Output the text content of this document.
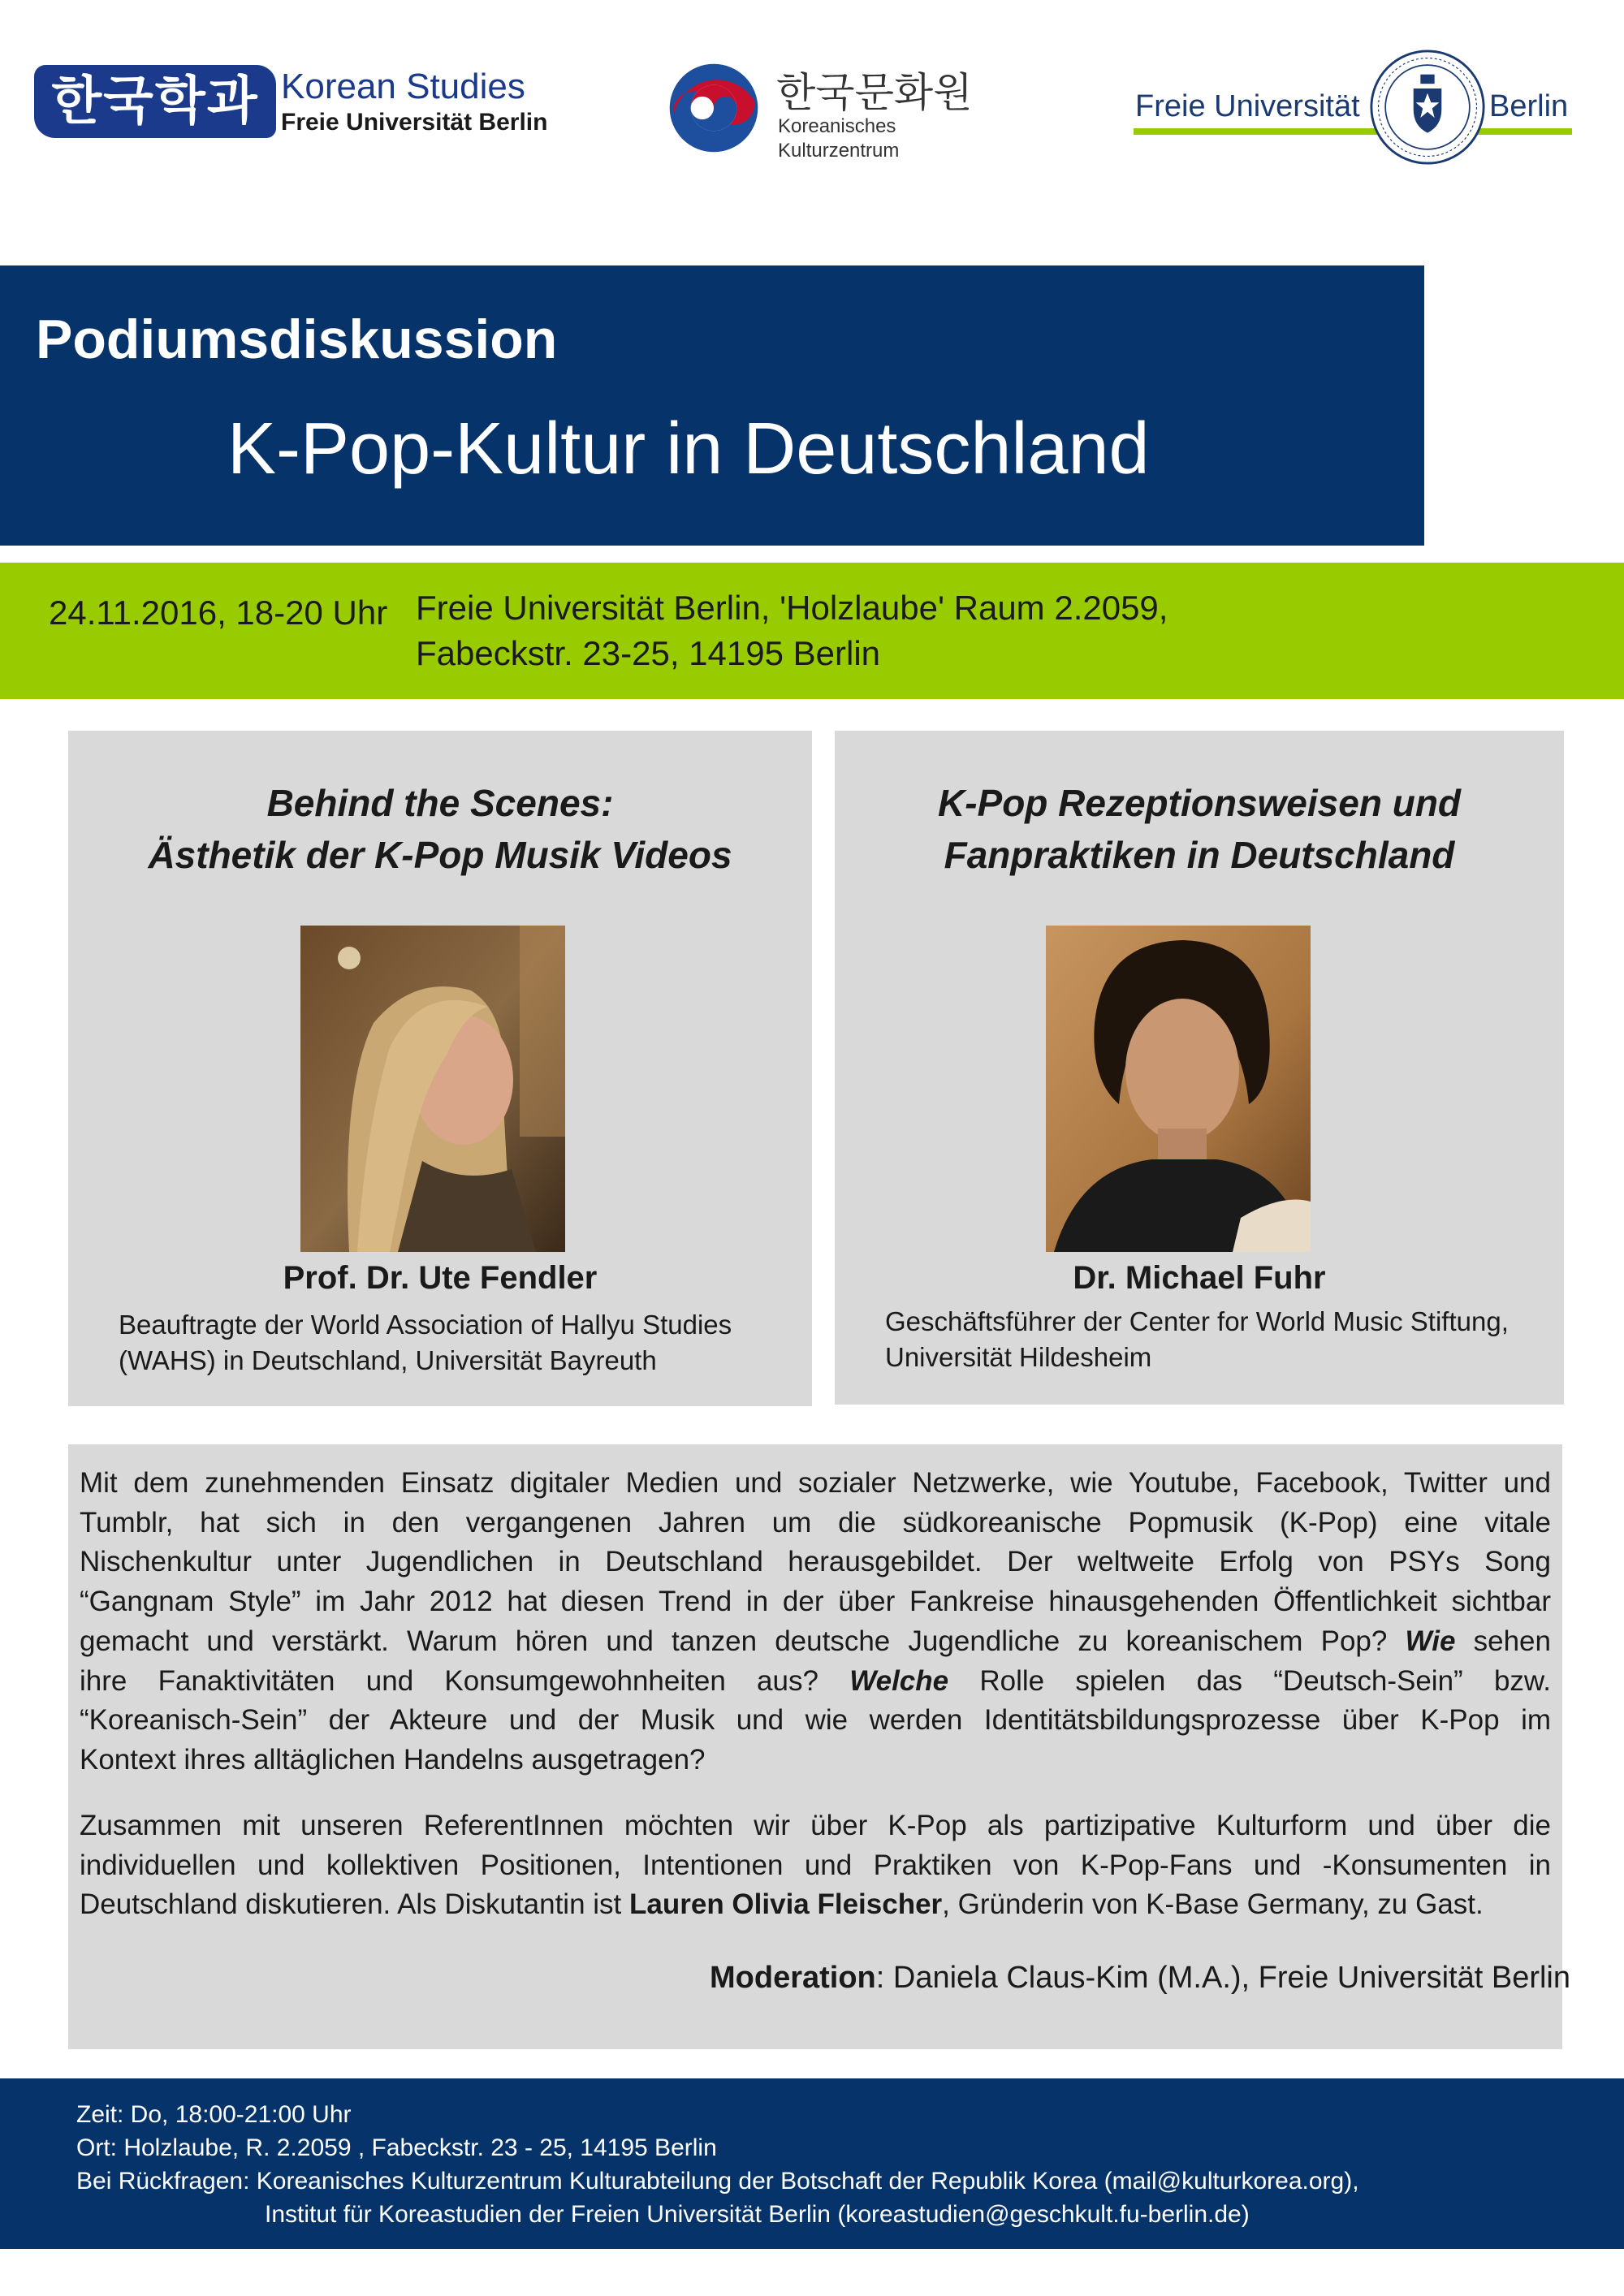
한국학과 Korean Studies
Freie Universität Berlin
한국문화원
Koreanisches
Kulturzentrum
Freie Universität	Berlin
Podiumsdiskussion
K-Pop-Kultur in Deutschland
24.11.2016, 18-20 Uhr Freie Universität Berlin, 'Holzlaube' Raum 2.2059,
Fabeckstr. 23-25, 14195 Berlin
Behind the Scenes:
Ästhetik der K-Pop Musik Videos
Prof. Dr. Ute Fendler
Beauftragte der World Association of Hallyu Studies
(WAHS) in Deutschland, Universität Bayreuth
K-Pop Rezeptionsweisen und
Fanpraktiken in Deutschland
Dr. Michael Fuhr
Geschäftsführer der Center for World Music Stiftung,
Universität Hildesheim
Mit dem zunehmenden Einsatz digitaler Medien und sozialer Netzwerke, wie Youtube, Facebook, Twitter und
Tumblr, hat sich in den vergangenen Jahren um die südkoreanische Popmusik (K-Pop) eine vitale
Nischenkultur unter Jugendlichen in Deutschland herausgebildet. Der weltweite Erfolg von PSYs Song
“Gangnam Style” im Jahr 2012 hat diesen Trend in der über Fankreise hinausgehenden Öffentlichkeit sichtbar
gemacht und verstärkt. Warum hören und tanzen deutsche Jugendliche zu koreanischem Pop? Wie sehen
ihre Fanaktivitäten und Konsumgewohnheiten aus? Welche Rolle spielen das “Deutsch-Sein” bzw.
“Koreanisch-Sein” der Akteure und der Musik und wie werden Identitätsbildungsprozesse über K-Pop im
Kontext ihres alltäglichen Handelns ausgetragen?
Zusammen mit unseren ReferentInnen möchten wir über K-Pop als partizipative Kulturform und über die
individuellen und kollektiven Positionen, Intentionen und Praktiken von K-Pop-Fans und -Konsumenten in
Deutschland diskutieren. Als Diskutantin ist Lauren Olivia Fleischer, Gründerin von K-Base Germany, zu Gast.
Moderation: Daniela Claus-Kim (M.A.), Freie Universität Berlin
Zeit: Do, 18:00-21:00 Uhr
Ort: Holzlaube, R. 2.2059 , Fabeckstr. 23 - 25, 14195 Berlin
Bei Rückfragen: Koreanisches Kulturzentrum Kulturabteilung der Botschaft der Republik Korea (mail@kulturkorea.org),
Institut für Koreastudien der Freien Universität Berlin (koreastudien@geschkult.fu-berlin.de)
